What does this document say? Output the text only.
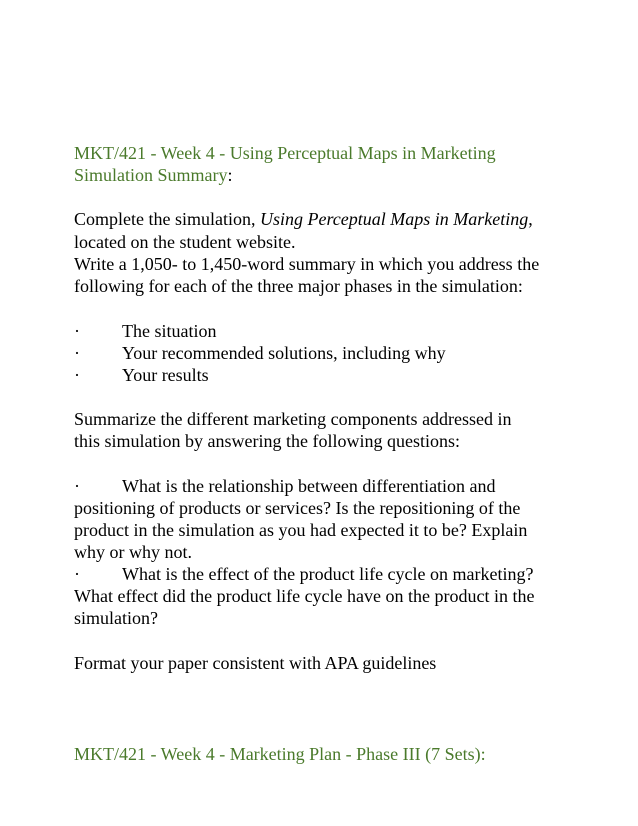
MKT/421 - Week 4 - Using Perceptual Maps in Marketing
Simulation Summary:
Complete the simulation, Using Perceptual Maps in Marketing,
located on the student website.
Write a 1,050- to 1,450-word summary in which you address the
following for each of the three major phases in the simulation:
· The situation
· Your recommended solutions, including why
· Your results
Summarize the different marketing components addressed in
this simulation by answering the following questions:
· What is the relationship between differentiation and
positioning of products or services? Is the repositioning of the
product in the simulation as you had expected it to be? Explain
why or why not.
· What is the effect of the product life cycle on marketing?
What effect did the product life cycle have on the product in the
simulation?
Format your paper consistent with APA guidelines
MKT/421 - Week 4 - Marketing Plan - Phase III (7 Sets):
